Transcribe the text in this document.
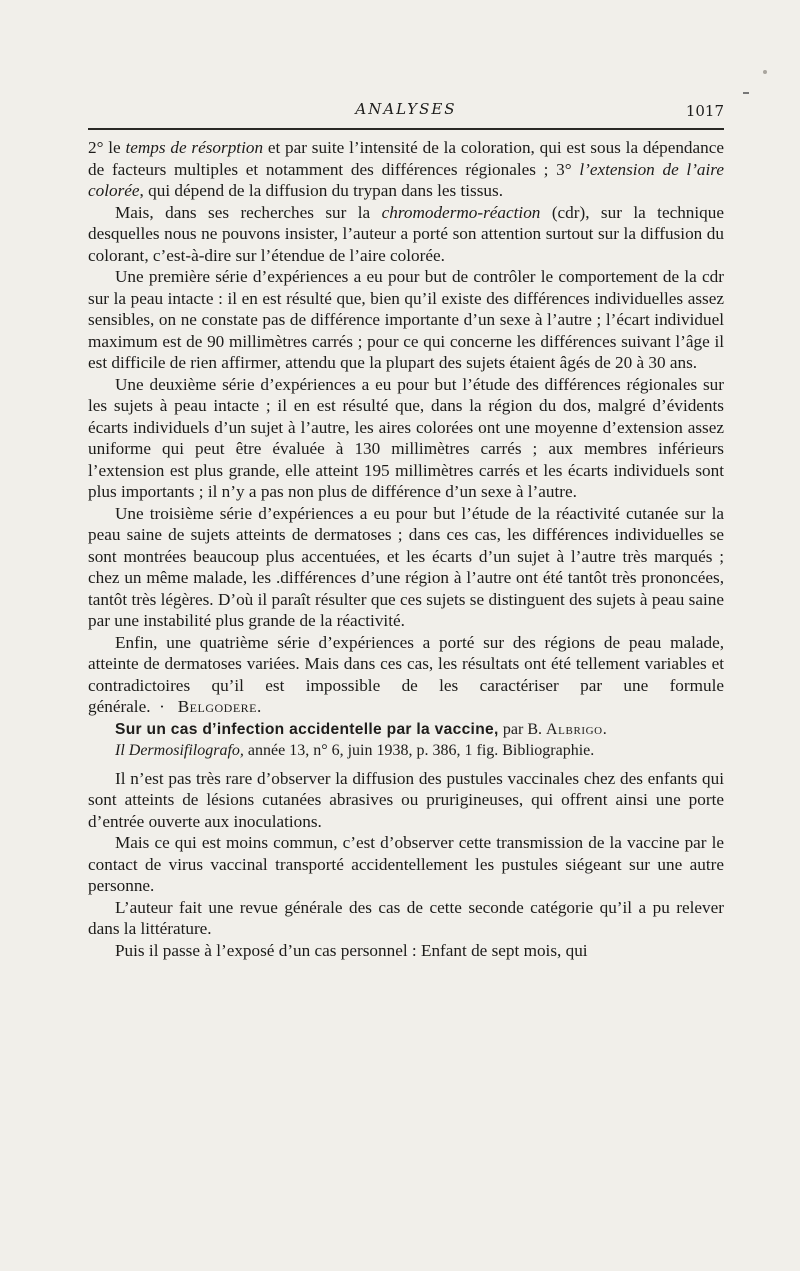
ANALYSES	1017

2° le temps de résorption et par suite l’intensité de la coloration, qui est sous la dépendance de facteurs multiples et notamment des différences régionales ; 3° l’extension de l’aire colorée, qui dépend de la diffusion du trypan dans les tissus.

Mais, dans ses recherches sur la chromodermo-réaction (cdr), sur la technique desquelles nous ne pouvons insister, l’auteur a porté son attention surtout sur la diffusion du colorant, c’est-à-dire sur l’étendue de l’aire colorée.

Une première série d’expériences a eu pour but de contrôler le comportement de la cdr sur la peau intacte : il en est résulté que, bien qu’il existe des différences individuelles assez sensibles, on ne constate pas de différence importante d’un sexe à l’autre ; l’écart individuel maximum est de 90 millimètres carrés ; pour ce qui concerne les différences suivant l’âge il est difficile de rien affirmer, attendu que la plupart des sujets étaient âgés de 20 à 30 ans.

Une deuxième série d’expériences a eu pour but l’étude des différences régionales sur les sujets à peau intacte ; il en est résulté que, dans la région du dos, malgré d’évidents écarts individuels d’un sujet à l’autre, les aires colorées ont une moyenne d’extension assez uniforme qui peut être évaluée à 130 millimètres carrés ; aux membres inférieurs l’extension est plus grande, elle atteint 195 millimètres carrés et les écarts individuels sont plus importants ; il n’y a pas non plus de différence d’un sexe à l’autre.

Une troisième série d’expériences a eu pour but l’étude de la réactivité cutanée sur la peau saine de sujets atteints de dermatoses ; dans ces cas, les différences individuelles se sont montrées beaucoup plus accentuées, et les écarts d’un sujet à l’autre très marqués ; chez un même malade, les .différences d’une région à l’autre ont été tantôt très prononcées, tantôt très légères. D’où il paraît résulter que ces sujets se distinguent des sujets à peau saine par une instabilité plus grande de la réactivité.

Enfin, une quatrième série d’expériences a porté sur des régions de peau malade, atteinte de dermatoses variées. Mais dans ces cas, les résultats ont été tellement variables et contradictoires qu’il est impossible de les caractériser par une formule générale.  ·   Belgodere.

Sur un cas d’infection accidentelle par la vaccine, par B. Albrigo.

Il Dermosifilografo, année 13, n° 6, juin 1938, p. 386, 1 fig. Bibliographie.

Il n’est pas très rare d’observer la diffusion des pustules vaccinales chez des enfants qui sont atteints de lésions cutanées abrasives ou prurigineuses, qui offrent ainsi une porte d’entrée ouverte aux inoculations.

Mais ce qui est moins commun, c’est d’observer cette transmission de la vaccine par le contact de virus vaccinal transporté accidentellement les pustules siégeant sur une autre personne.

L’auteur fait une revue générale des cas de cette seconde catégorie qu’il a pu relever dans la littérature.

Puis il passe à l’exposé d’un cas personnel : Enfant de sept mois, qui
